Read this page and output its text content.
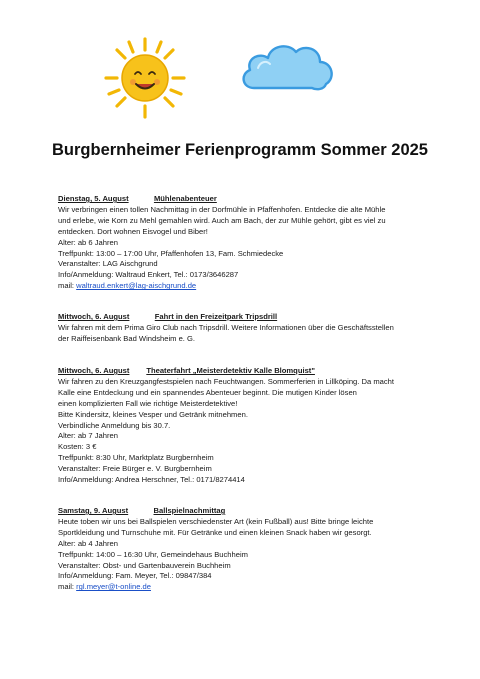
Burgbernheimer Ferienprogramm Sommer 2025
Dienstag, 5. August	Mühlenabenteuer
Wir verbringen einen tollen Nachmittag in der Dorfmühle in Pfaffenhofen. Entdecke die alte Mühle
und erlebe, wie Korn zu Mehl gemahlen wird. Auch am Bach, der zur Mühle gehört, gibt es viel zu
entdecken. Dort wohnen Eisvogel und Biber!
Alter: ab 6 Jahren
Treffpunkt: 13:00 – 17:00 Uhr, Pfaffenhofen 13, Fam. Schmiedecke
Veranstalter: LAG Aischgrund
Info/Anmeldung: Waltraud Enkert, Tel.: 0173/3646287
mail: waltraud.enkert@lag-aischgrund.de
Mittwoch, 6. August	Fahrt in den Freizeitpark Tripsdrill
Wir fahren mit dem Prima Giro Club nach Tripsdrill. Weitere Informationen über die Geschäftsstellen
der Raiffeisenbank Bad Windsheim e. G.
Mittwoch, 6. August Theaterfahrt „Meisterdetektiv Kalle Blomquist"
Wir fahren zu den Kreuzgangfestspielen nach Feuchtwangen. Sommerferien in Lillköping. Da macht
Kalle eine Entdeckung und ein spannendes Abenteuer beginnt. Die mutigen Kinder lösen
einen komplizierten Fall wie richtige Meisterdetektive!
Bitte Kindersitz, kleines Vesper und Getränk mitnehmen.
Verbindliche Anmeldung bis 30.7.
Alter: ab 7 Jahren
Kosten: 3 €
Treffpunkt: 8:30 Uhr, Marktplatz Burgbernheim
Veranstalter: Freie Bürger e. V. Burgbernheim
Info/Anmeldung: Andrea Herschner, Tel.: 0171/8274414
Samstag, 9. August	Ballspielnachmittag
Heute toben wir uns bei Ballspielen verschiedenster Art (kein Fußball) aus! Bitte bringe leichte
Sportkleidung und Turnschuhe mit. Für Getränke und einen kleinen Snack haben wir gesorgt.
Alter: ab 4 Jahren
Treffpunkt: 14:00 – 16:30 Uhr, Gemeindehaus Buchheim
Veranstalter: Obst- und Gartenbauverein Buchheim
Info/Anmeldung: Fam. Meyer, Tel.: 09847/384
mail: rgl.meyer@t-online.de
